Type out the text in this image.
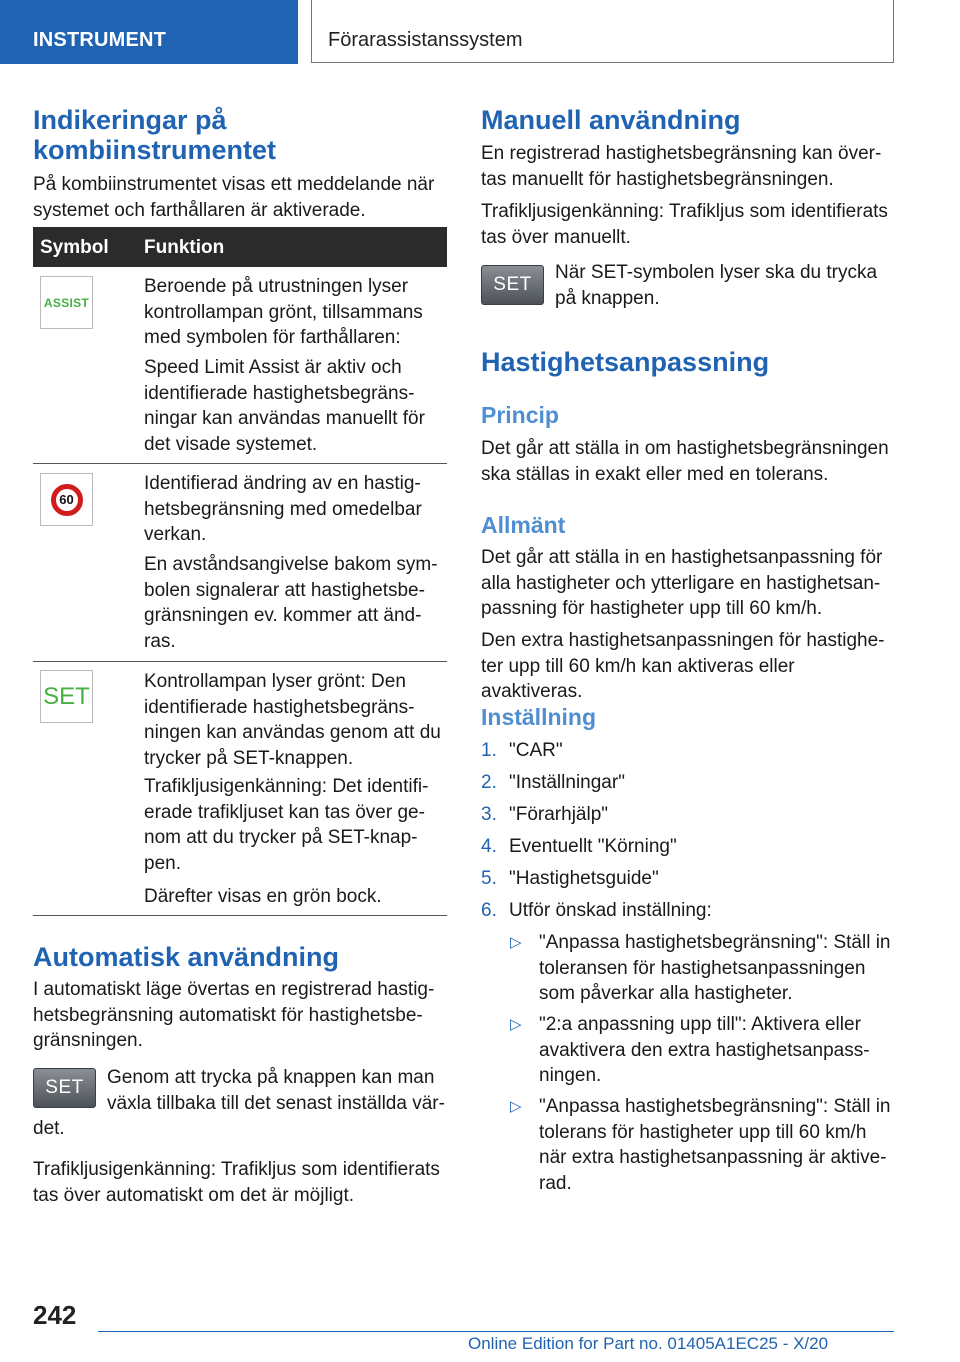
INSTRUMENT	Förarassistanssystem
Indikeringar på
kombiinstrumentet
På kombiinstrumentet visas ett meddelande när
systemet och farthållaren är aktiverade.
Symbol Funktion
ASSIST
Beroende på utrustningen lyser
kontrollampan grönt, tillsammans
med symbolen för farthållaren:
Speed Limit Assist är aktiv och
identifierade hastighetsbegräns-
ningar kan användas manuellt för
det visade systemet.
60
Identifierad ändring av en hastig-
hetsbegränsning med omedelbar
verkan.
En avståndsangivelse bakom sym-
bolen signalerar att hastighetsbe-
gränsningen ev. kommer att änd-
ras.
SET
Kontrollampan lyser grönt: Den
identifierade hastighetsbegräns-
ningen kan användas genom att du
trycker på SET-knappen.
Trafikljusigenkänning: Det identifi-
erade trafikljuset kan tas över ge-
nom att du trycker på SET-knap-
pen.
Därefter visas en grön bock.
Automatisk användning
I automatiskt läge övertas en registrerad hastig-
hetsbegränsning automatiskt för hastighetsbe-
gränsningen.
SET Genom att trycka på knappen kan man
växla tillbaka till det senast inställda vär-
det.
Trafikljusigenkänning: Trafikljus som identifierats
tas över automatiskt om det är möjligt.
Manuell användning
En registrerad hastighetsbegränsning kan över-
tas manuellt för hastighetsbegränsningen.
Trafikljusigenkänning: Trafikljus som identifierats
tas över manuellt.
SET
När SET-symbolen lyser ska du trycka
på knappen.
Hastighetsanpassning
Princip
Det går att ställa in om hastighetsbegränsningen
ska ställas in exakt eller med en tolerans.
Allmänt
Det går att ställa in en hastighetsanpassning för
alla hastigheter och ytterligare en hastighetsan-
passning för hastigheter upp till 60 km/h.
Den extra hastighetsanpassningen för hastighe-
ter upp till 60 km/h kan aktiveras eller avaktiveras.
Inställning
1. "CAR"
2. "Inställningar"
3. "Förarhjälp"
4. Eventuellt "Körning"
5. "Hastighetsguide"
6. Utför önskad inställning:
▷ "Anpassa hastighetsbegränsning": Ställ in
toleransen för hastighetsanpassningen
som påverkar alla hastigheter.
▷ "2:a anpassning upp till": Aktivera eller
avaktivera den extra hastighetsanpass-
ningen.
▷ "Anpassa hastighetsbegränsning": Ställ in
tolerans för hastigheter upp till 60 km/h
när extra hastighetsanpassning är aktive-
rad.
242
Online Edition for Part no. 01405A1EC25 - X/20
